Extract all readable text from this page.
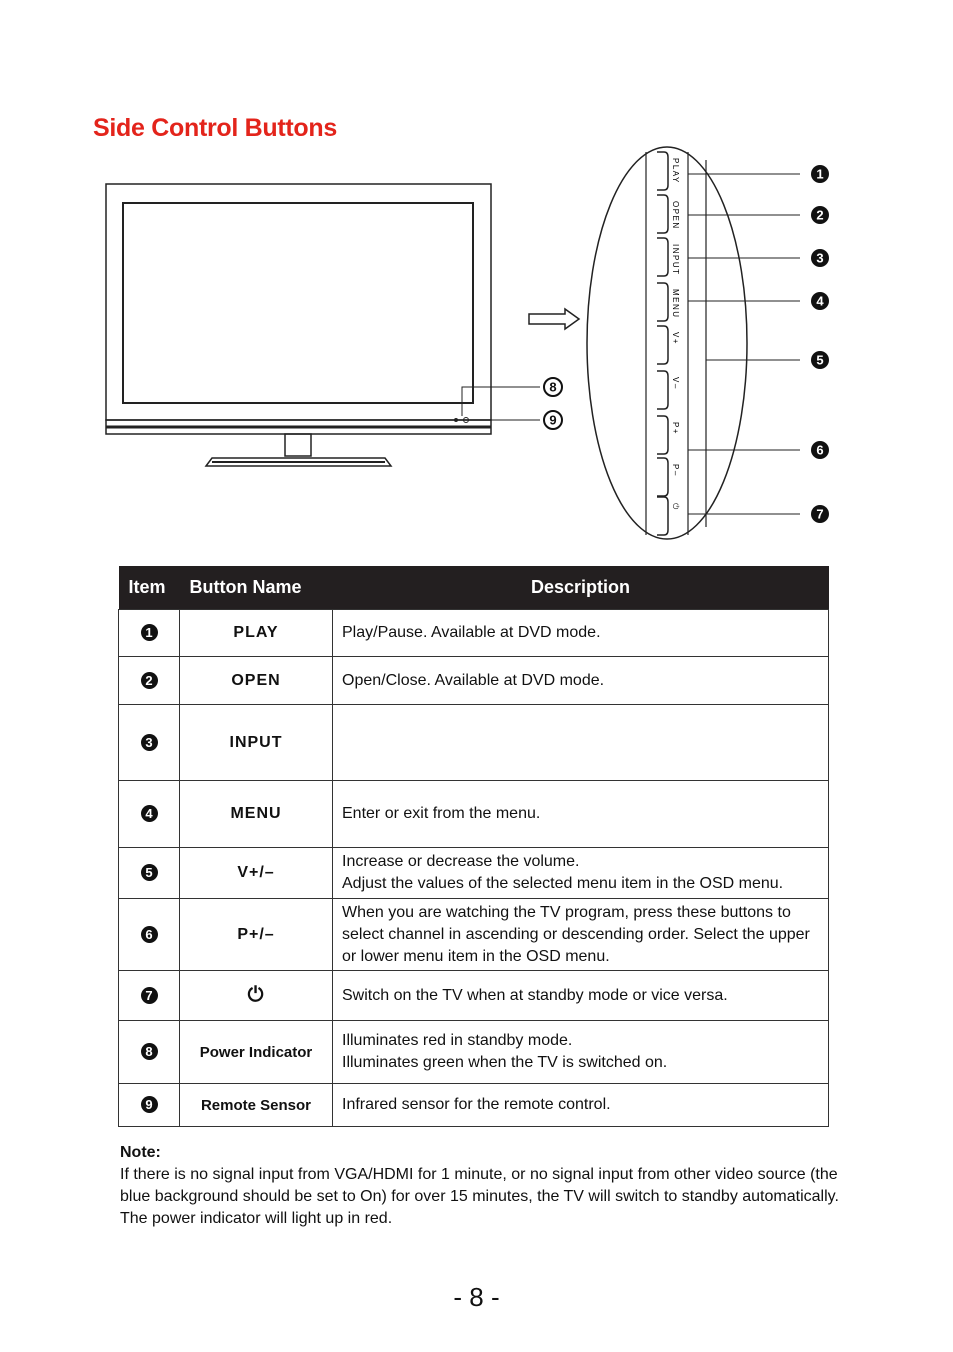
Side Control Buttons
PLAY
OPEN
INPUT
MENU
V+
V–
P+
P–
⏻
1
2
3
4
5
6
7
8
9
Item	Button Name	Description
1	PLAY	Play/Pause. Available at DVD mode.

2	OPEN	Open/Close. Available at DVD mode.

3	INPUT	
4	MENU	Enter or exit from the menu.

5	V+/–	Increase or decrease the volume.
Adjust the values of the selected menu item in the OSD menu.

6	P+/–	When you are watching the TV program, press these buttons to select channel in ascending or descending order. Select the upper or lower menu item in the OSD menu.

7	⏻	Switch on the TV when at standby mode or vice versa.

8	Power Indicator	Illuminates red in standby mode.
Illuminates green when the TV is switched on.

9	Remote Sensor	Infrared sensor for the remote control.
Note:
If there is no signal input from VGA/HDMI for 1 minute, or no signal input from other video source (the blue background should be set to On) for over 15 minutes, the TV will switch to standby automatically. The power indicator will light up in red.
- 8 -
